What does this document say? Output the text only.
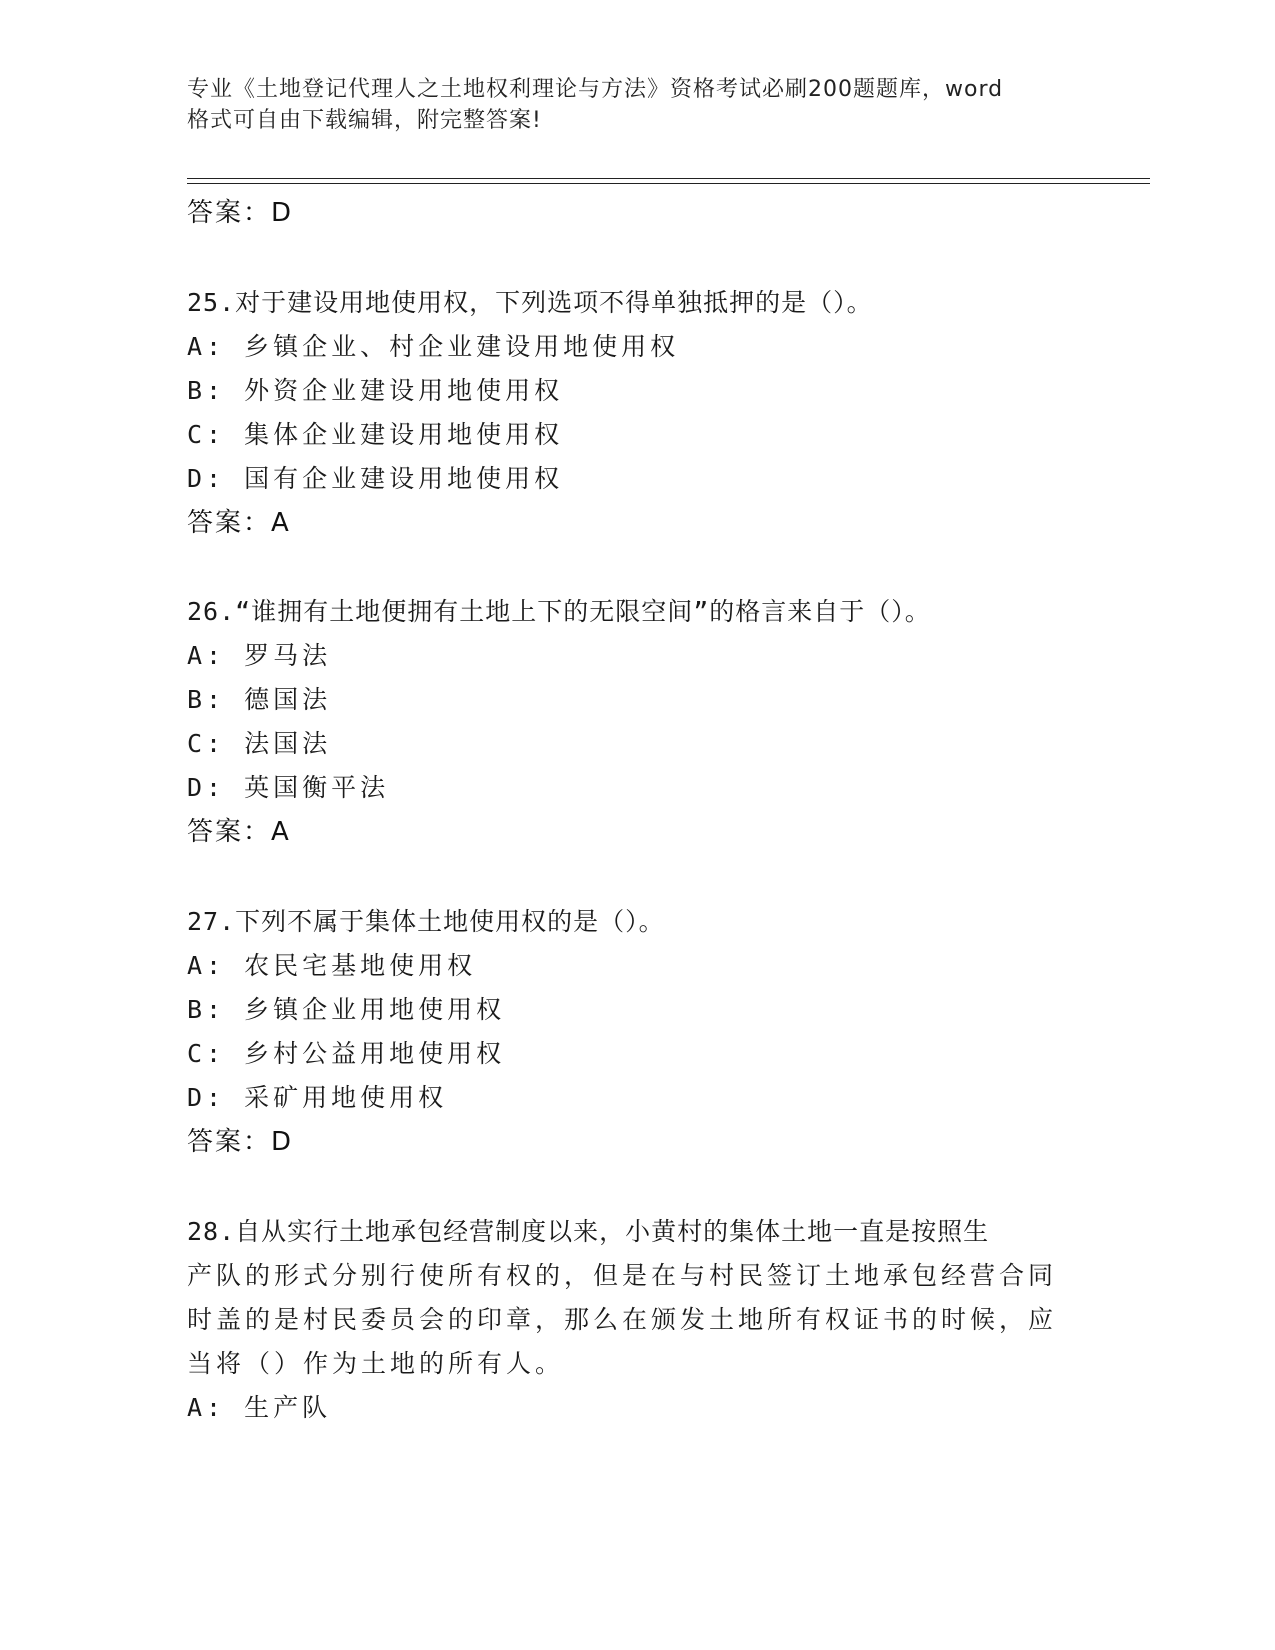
专业《土地登记代理人之土地权利理论与方法》资格考试必刷200题题库，word
格式可自由下载编辑，附完整答案!
答案：D
25.对于建设用地使用权，下列选项不得单独抵押的是（）。
A: 乡镇企业、村企业建设用地使用权
B: 外资企业建设用地使用权
C: 集体企业建设用地使用权
D: 国有企业建设用地使用权
答案：A
26.“谁拥有土地便拥有土地上下的无限空间”的格言来自于（）。
A: 罗马法
B: 德国法
C: 法国法
D: 英国衡平法
答案：A
27.下列不属于集体土地使用权的是（）。
A: 农民宅基地使用权
B: 乡镇企业用地使用权
C: 乡村公益用地使用权
D: 采矿用地使用权
答案：D
28.自从实行土地承包经营制度以来，小黄村的集体土地一直是按照生
产队的形式分别行使所有权的，但是在与村民签订土地承包经营合同
时盖的是村民委员会的印章，那么在颁发土地所有权证书的时候，应
当将（）作为土地的所有人。
A: 生产队
